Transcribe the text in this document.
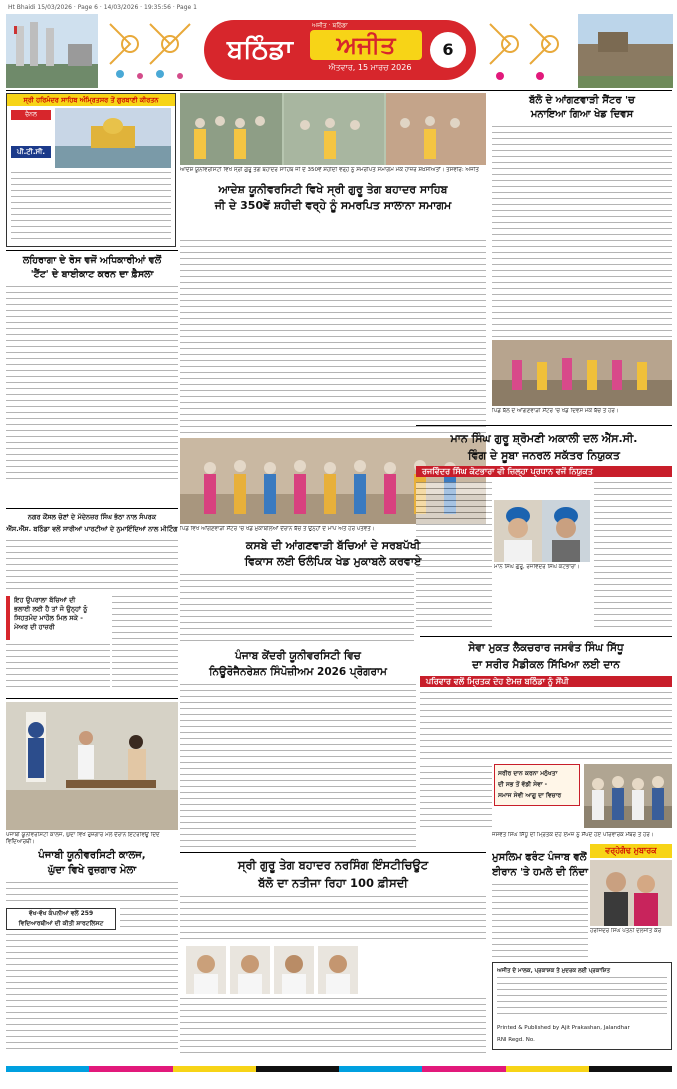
Ht Bhaidi 15/03/2026 · Page 6 · 14/03/2026 · 19:35:56 · Page 1
ਬਠਿੰਡਾ
ਅਜੀਤ · ਬਠਿੰਡਾ
ਅਜੀਤ
ਐਤਵਾਰ, 15 ਮਾਰਚ 2026
6
ਸ੍ਰੀ ਹਰਿਮੰਦਰ ਸਾਹਿਬ ਅੰਮ੍ਰਿਤਸਰ ਤੋਂ ਗੁਰਬਾਣੀ ਕੀਰਤਨ
ਚੈਨਲ
ਪੀ.ਟੀ.ਸੀ.
ਆਦੇਸ਼ ਯੂਨੀਵਰਸਿਟੀ ਵਿਖੇ ਸ੍ਰੀ ਗੁਰੂ ਤੇਗ ਬਹਾਦਰ ਸਾਹਿਬ ਜੀ ਦੇ 350ਵੇਂ ਸ਼ਹੀਦੀ ਵਰ੍ਹੇ ਨੂੰ ਸਮਰਪਿਤ ਸਮਾਗਮ ਮੌਕੇ ਹਾਜ਼ਰ ਸ਼ਖ਼ਸੀਅਤਾਂ। ਤਸਵੀਰ: ਅਜੀਤ
ਆਦੇਸ਼ ਯੂਨੀਵਰਸਿਟੀ ਵਿਖੇ ਸ੍ਰੀ ਗੁਰੂ ਤੇਗ ਬਹਾਦਰ ਸਾਹਿਬ
ਜੀ ਦੇ 350ਵੇਂ ਸ਼ਹੀਦੀ ਵਰ੍ਹੇ ਨੂੰ ਸਮਰਪਿਤ ਸਾਲਾਨਾ ਸਮਾਗਮ
ਬੱਲੋ ਦੇ ਆਂਗਣਵਾੜੀ ਸੈਂਟਰ 'ਚ
ਮਨਾਇਆ ਗਿਆ ਖੇਡ ਦਿਵਸ
ਪਿੰਡ ਬੱਲੋ ਦੇ ਆਂਗਣਵਾੜੀ ਸੈਂਟਰ 'ਚ ਖੇਡ ਦਿਵਸ ਮੌਕੇ ਬੱਚੇ ਤੇ ਹੋਰ।
ਲਹਿਰਾਗਾ ਦੇ ਰੋਸ ਵਜੋਂ ਅਧਿਕਾਰੀਆਂ ਵਲੋਂ
'ਟੈਂਟ' ਦੇ ਬਾਈਕਾਟ ਕਰਨ ਦਾ ਫ਼ੈਸਲਾ
ਪਿੰਡ ਵਿਖੇ ਆਂਗਣਵਾੜੀ ਸੈਂਟਰ 'ਚ ਖੇਡ ਮੁਕਾਬਲਿਆਂ ਦੌਰਾਨ ਬੱਚੇ ਤੇ ਉਨ੍ਹਾਂ ਦੇ ਮਾਪੇ ਅਤੇ ਹੋਰ ਪਤਵੰਤੇ।
ਮਾਨ ਸਿੰਘ ਗੁਰੂ ਸ਼੍ਰੋਮਣੀ ਅਕਾਲੀ ਦਲ ਐੱਸ.ਸੀ.
ਵਿੰਗ ਦੇ ਸੂਬਾ ਜਨਰਲ ਸਕੱਤਰ ਨਿਯੁਕਤ
ਰਜਵਿੰਦਰ ਸਿੰਘ ਕੋਟਭਾਰਾ ਵੀ ਜ਼ਿਲ੍ਹਾ ਪ੍ਰਧਾਨ ਵਜੋਂ ਨਿਯੁਕਤ
ਮਾਨ ਸਿੰਘ ਗੁਰੂ, ਰਜਵਿੰਦਰ ਸਿੰਘ ਕੋਟਭਾਰਾ।
ਨਗਰ ਕੌਂਸਲ ਚੋਣਾਂ ਦੇ ਮੱਦੇਨਜ਼ਰ ਸਿੰਘ ਭੱਠਾ ਨਾਲ ਸੰਪਰਕ
ਐੱਸ.ਐੱਸ. ਬਠਿੰਡਾ ਵਲੋਂ ਸਾਰੀਆਂ ਪਾਰਟੀਆਂ ਦੇ ਨੁਮਾਇੰਦਿਆਂ ਨਾਲ ਮੀਟਿੰਗ
ਇਹ ਉਪਰਾਲਾ ਬੱਚਿਆਂ ਦੀ
ਭਲਾਈ ਲਈ ਹੈ ਤਾਂ ਜੋ ਉਨ੍ਹਾਂ ਨੂੰ
ਸਿਹਤਮੰਦ ਮਾਹੌਲ ਮਿਲ ਸਕੇ -
ਮੇਅਰ ਦੀ ਹਾਜ਼ਰੀ
ਕਸਬੇ ਦੀ ਆਂਗਣਵਾੜੀ ਬੱਚਿਆਂ ਦੇ ਸਰਬਪੱਖੀ
ਵਿਕਾਸ ਲਈ ਓਲੰਪਿਕ ਖੇਡ ਮੁਕਾਬਲੇ ਕਰਵਾਏ
ਪੰਜਾਬ ਕੇਂਦਰੀ ਯੂਨੀਵਰਸਿਟੀ ਵਿਚ
ਨਿਊਰੋਜੈਨਰੇਸ਼ਨ ਸਿੰਪੋਜ਼ੀਅਮ 2026 ਪ੍ਰੋਗਰਾਮ
ਸੇਵਾ ਮੁਕਤ ਲੈਕਚਰਾਰ ਜਸਵੰਤ ਸਿੰਘ ਸਿੱਧੂ
ਦਾ ਸਰੀਰ ਮੈਡੀਕਲ ਸਿੱਖਿਆ ਲਈ ਦਾਨ
ਪਰਿਵਾਰ ਵਲੋਂ ਮ੍ਰਿਤਕ ਦੇਹ ਏਮਜ਼ ਬਠਿੰਡਾ ਨੂੰ ਸੌਂਪੀ
ਸਰੀਰ ਦਾਨ ਕਰਨਾ ਮਨੁੱਖਤਾ
ਦੀ ਸਭ ਤੋਂ ਵੱਡੀ ਸੇਵਾ -
ਸਮਾਜ ਸੇਵੀ ਆਗੂ ਦਾ ਵਿਚਾਰ
ਜਸਵੰਤ ਸਿੰਘ ਸਿੱਧੂ ਦੀ ਮ੍ਰਿਤਕ ਦੇਹ ਏਮਜ਼ ਨੂੰ ਸੌਂਪਦੇ ਹੋਏ ਪਰਿਵਾਰਕ ਮੈਂਬਰ ਤੇ ਹੋਰ।
ਪੰਜਾਬੀ ਯੂਨੀਵਰਸਿਟੀ ਕਾਲਜ, ਘੁੱਦਾ ਵਿਖੇ ਰੁਜ਼ਗਾਰ ਮੇਲੇ ਦੌਰਾਨ ਇੰਟਰਵਿਊ ਦਿੰਦੇ ਵਿਦਿਆਰਥੀ।
ਪੰਜਾਬੀ ਯੂਨੀਵਰਸਿਟੀ ਕਾਲਜ,
ਘੁੱਦਾ ਵਿਖੇ ਰੁਜ਼ਗਾਰ ਮੇਲਾ
ਵੱਖ-ਵੱਖ ਕੰਪਨੀਆਂ ਵਲੋਂ 259
ਵਿਦਿਆਰਥੀਆਂ ਦੀ ਕੀਤੀ ਸ਼ਾਰਟਲਿਸਟ
ਸ੍ਰੀ ਗੁਰੂ ਤੇਗ ਬਹਾਦਰ ਨਰਸਿੰਗ ਇੰਸਟੀਚਿਊਟ
ਬੱਲੋ ਦਾ ਨਤੀਜਾ ਰਿਹਾ 100 ਫ਼ੀਸਦੀ
ਮੁਸਲਿਮ ਫਰੰਟ ਪੰਜਾਬ ਵਲੋਂ
ਈਰਾਨ 'ਤੇ ਹਮਲੇ ਦੀ ਨਿੰਦਾ
ਵਰ੍ਹੇਗੰਢ ਮੁਬਾਰਕ
ਹਰਜਿੰਦਰ ਸਿੰਘ ਪਤਨੀ ਦਲਜੀਤ ਕੌਰ
ਅਜੀਤ ਦੇ ਮਾਲਕ, ਪ੍ਰਕਾਸ਼ਕ ਤੇ ਮੁਦਰਕ ਲਈ ਪ੍ਰਕਾਸ਼ਿਤ
Printed & Published by Ajit Prakashan, Jalandhar
RNI Regd. No.
